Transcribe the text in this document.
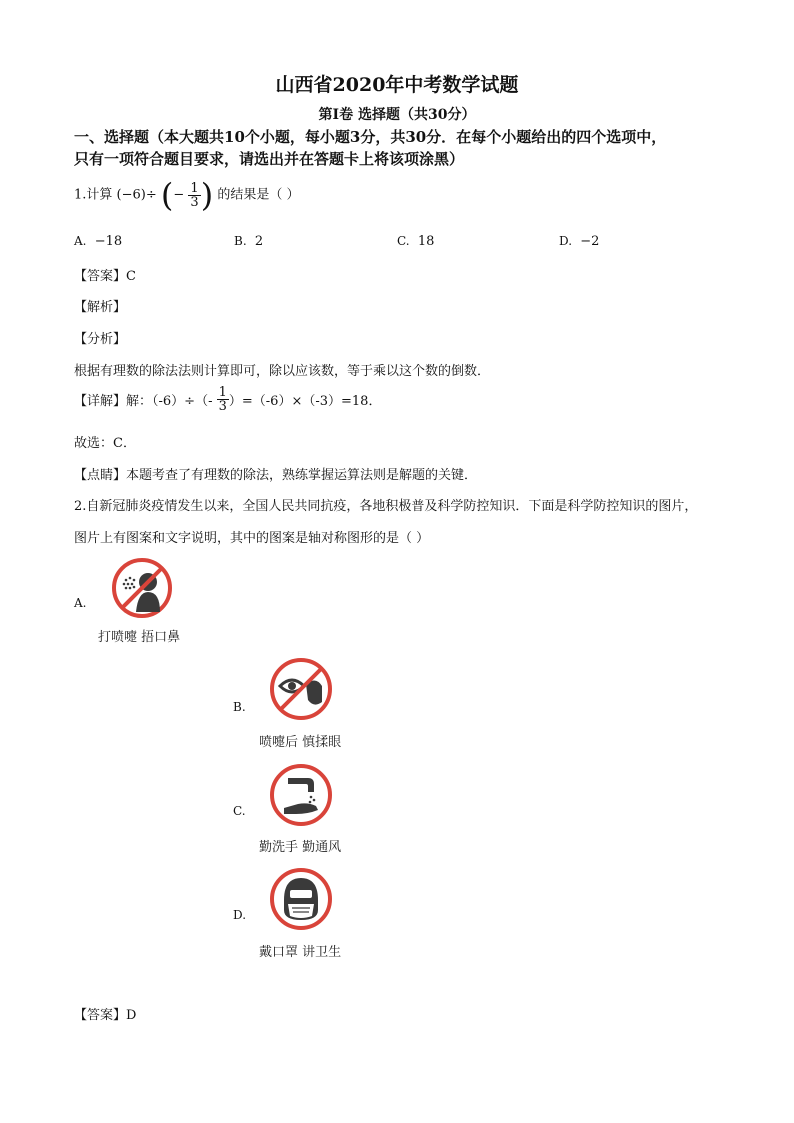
山西省2020年中考数学试题
第Ⅰ卷 选择题（共30分）
一、选择题（本大题共10个小题，每小题3分，共30分．在每个小题给出的四个选项中，
只有一项符合题目要求，请选出并在答题卡上将该项涂黑）
1.计算 (−6)÷ (− $\frac{1}{3}$ ) 的结果是（ ）
A. −18	B. 2	C. 18	D. −2
【答案】C
【解析】
【分析】
根据有理数的除法法则计算即可，除以应该数，等于乘以这个数的倒数．
【详解】解：$(-6)\div(- \frac{1}{3} )=(-6)\times(-3)=18$．
故选：C．
【点睛】本题考查了有理数的除法，熟练掌握运算法则是解题的关键．
2.自新冠肺炎疫情发生以来，全国人民共同抗疫，各地积极普及科学防控知识．下面是科学防控知识的图片，
图片上有图案和文字说明，其中的图案是轴对称图形的是（ ）
A.
打喷嚏 捂口鼻
B.
喷嚏后 慎揉眼
C.
勤洗手 勤通风
D.
戴口罩 讲卫生
【答案】D
